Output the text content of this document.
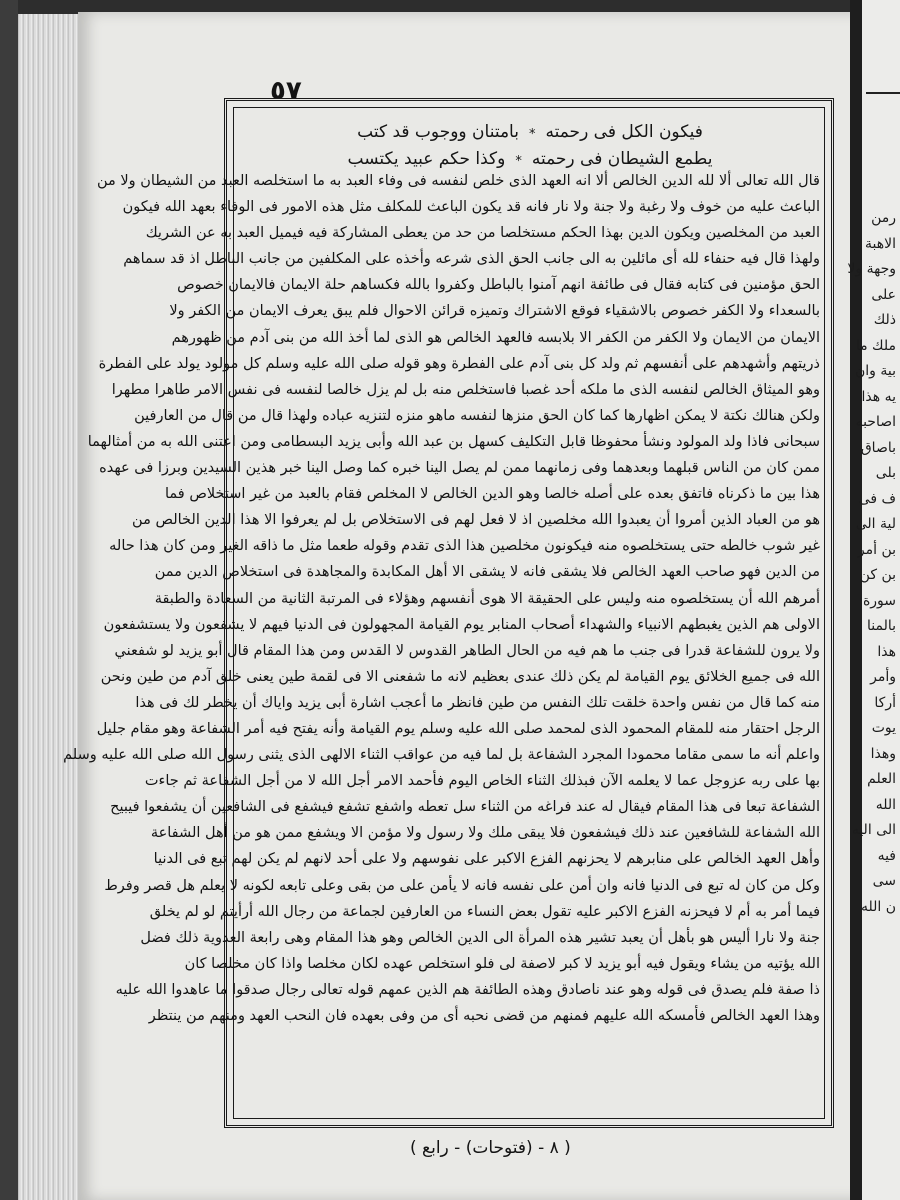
٥٧
فيكون الكل فى رحمته
*
بامتنان ووجوب قد كتب
يطمع الشيطان فى رحمته
*
وكذا حكم عبيد يكتسب
قال الله تعالى ألا لله الدين الخالص ألا انه العهد الذى خلص لنفسه فى وفاء العبد به ما استخلصه العبد من الشيطان ولا من
الباعث عليه من خوف ولا رغبة ولا جنة ولا نار فانه قد يكون الباعث للمكلف مثل هذه الامور فى الوفاء بعهد الله فيكون
العبد من المخلصين ويكون الدين بهذا الحكم مستخلصا من حد من يعطى المشاركة فيه فيميل العبد به عن الشريك
ولهذا قال فيه حنفاء لله أى مائلين به الى جانب الحق الذى شرعه وأخذه على المكلفين من جانب الباطل اذ قد سماهم
الحق مؤمنين فى كتابه فقال فى طائفة انهم آمنوا بالباطل وكفروا بالله فكساهم حلة الايمان فالايمان خصوص
بالسعداء ولا الكفر خصوص بالاشقياء فوقع الاشتراك وتميزه قرائن الاحوال فلم يبق يعرف الايمان من الكفر ولا
الايمان من الايمان ولا الكفر من الكفر الا بلابسه فالعهد الخالص هو الذى لما أخذ الله من بنى آدم من ظهورهم
ذريتهم وأشهدهم على أنفسهم ثم ولد كل بنى آدم على الفطرة وهو قوله صلى الله عليه وسلم كل مولود يولد على الفطرة
وهو الميثاق الخالص لنفسه الذى ما ملكه أحد غصبا فاستخلص منه بل لم يزل خالصا لنفسه فى نفس الامر طاهرا مطهرا
ولكن هنالك نكتة لا يمكن اظهارها كما كان الحق منزها لنفسه ماهو منزه لتنزيه عباده ولهذا قال من قال من العارفين
سبحانى فاذا ولد المولود ونشأ محفوظا قابل التكليف كسهل بن عبد الله وأبى يزيد البسطامى ومن اعتنى الله به من أمثالهما
ممن كان من الناس قبلهما وبعدهما وفى زمانهما ممن لم يصل الينا خبره كما وصل الينا خبر هذين السيدين وبرزا فى عهده
هذا بين ما ذكرناه فاتفق بعده على أصله خالصا وهو الدين الخالص لا المخلص فقام بالعبد من غير استخلاص فما
هو من العباد الذين أمروا أن يعبدوا الله مخلصين اذ لا فعل لهم فى الاستخلاص بل لم يعرفوا الا هذا الدين الخالص من
غير شوب خالطه حتى يستخلصوه منه فيكونون مخلصين هذا الذى تقدم وقوله طعما مثل ما ذاقه الغير ومن كان هذا حاله
من الدين فهو صاحب العهد الخالص فلا يشقى فانه لا يشقى الا أهل المكابدة والمجاهدة فى استخلاص الدين ممن
أمرهم الله أن يستخلصوه منه وليس على الحقيقة الا هوى أنفسهم وهؤلاء فى المرتبة الثانية من السعادة والطبقة
الاولى هم الذين يغبطهم الانبياء والشهداء أصحاب المنابر يوم القيامة المجهولون فى الدنيا فيهم لا يشفعون ولا يستشفعون
ولا يرون للشفاعة قدرا فى جنب ما هم فيه من الحال الطاهر القدوس لا القدس ومن هذا المقام قال أبو يزيد لو شفعني
الله فى جميع الخلائق يوم القيامة لم يكن ذلك عندى بعظيم لانه ما شفعنى الا فى لقمة طين يعنى خلق آدم من طين ونحن
منه كما قال من نفس واحدة خلقت تلك النفس من طين فانظر ما أعجب اشارة أبى يزيد واياك أن يخطر لك فى هذا
الرجل احتقار منه للمقام المحمود الذى لمحمد صلى الله عليه وسلم يوم القيامة وأنه يفتح فيه أمر الشفاعة وهو مقام جليل
واعلم أنه ما سمى مقاما محمودا المجرد الشفاعة بل لما فيه من عواقب الثناء الالهى الذى يثنى رسول الله صلى الله عليه وسلم
بها على ربه عزوجل عما لا يعلمه الآن فبذلك الثناء الخاص اليوم فأحمد الامر أجل الله لا من أجل الشفاعة ثم جاءت
الشفاعة تبعا فى هذا المقام فيقال له عند فراغه من الثناء سل تعطه واشفع تشفع فيشفع فى الشافعين أن يشفعوا فيبيح
الله الشفاعة للشافعين عند ذلك فيشفعون فلا يبقى ملك ولا رسول ولا مؤمن الا ويشفع ممن هو من أهل الشفاعة
وأهل العهد الخالص على منابرهم لا يحزنهم الفزع الاكبر على نفوسهم ولا على أحد لانهم لم يكن لهم تبع فى الدنيا
وكل من كان له تبع فى الدنيا فانه وان أمن على نفسه فانه لا يأمن على من بقى وعلى تابعه لكونه لا يعلم هل قصر وفرط
فيما أمر به أم لا فيحزنه الفزع الاكبر عليه تقول بعض النساء من العارفين لجماعة من رجال الله أرأيتم لو لم يخلق
جنة ولا نارا أليس هو بأهل أن يعبد تشير هذه المرأة الى الدين الخالص وهو هذا المقام وهى رابعة العدوية ذلك فضل
الله يؤتيه من يشاء ويقول فيه أبو يزيد لا كبر لاصفة لى فلو استخلص عهده لكان مخلصا واذا كان مخلصا كان
ذا صفة فلم يصدق فى قوله وهو عند ناصادق وهذه الطائفة هم الذين عمهم قوله تعالى رجال صدقوا ما عاهدوا الله عليه
وهذا العهد الخالص فأمسكه الله عليهم فمنهم من قضى نحبه أى من وفى بعهده فان النحب العهد ومنهم من ينتظر
( ٨ - (فتوحات) - رابع )
رمن
الاهبة
وجهة ولا
على
ذلك
ملك ما
بية وان
يه هذا
اصاحبه
باصاق
بلى
ف فى
لية الى
بن أمر
بن كن
سورة
بالمنا
هذا
وأمر
أركا
يوت
وهذا
العلم
الله
الى اليه
فيه
سى
ن الله
